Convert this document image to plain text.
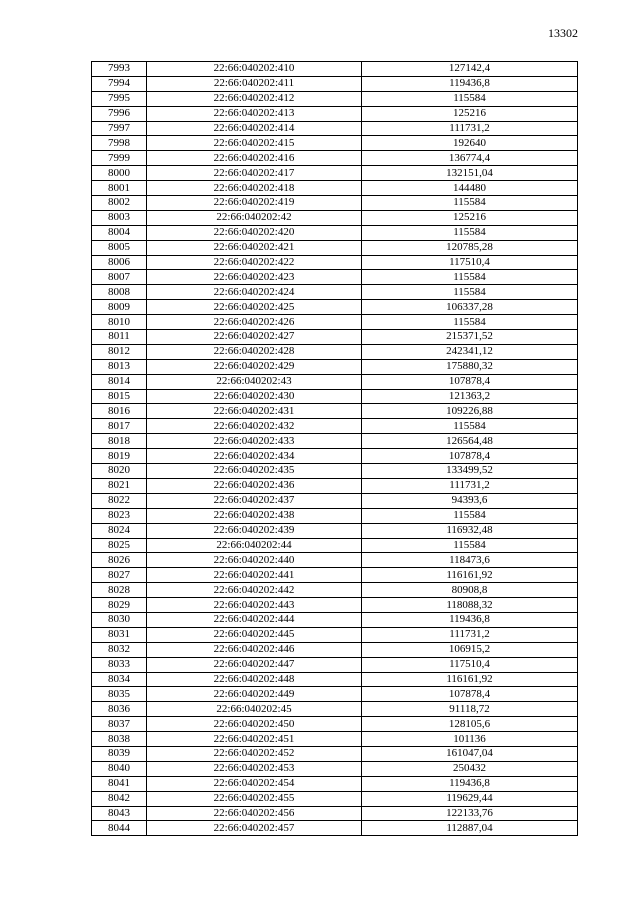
13302
7993	22:66:040202:410	127142,4
7994	22:66:040202:411	119436,8
7995	22:66:040202:412	115584
7996	22:66:040202:413	125216
7997	22:66:040202:414	111731,2
7998	22:66:040202:415	192640
7999	22:66:040202:416	136774,4
8000	22:66:040202:417	132151,04
8001	22:66:040202:418	144480
8002	22:66:040202:419	115584
8003	22:66:040202:42	125216
8004	22:66:040202:420	115584
8005	22:66:040202:421	120785,28
8006	22:66:040202:422	117510,4
8007	22:66:040202:423	115584
8008	22:66:040202:424	115584
8009	22:66:040202:425	106337,28
8010	22:66:040202:426	115584
8011	22:66:040202:427	215371,52
8012	22:66:040202:428	242341,12
8013	22:66:040202:429	175880,32
8014	22:66:040202:43	107878,4
8015	22:66:040202:430	121363,2
8016	22:66:040202:431	109226,88
8017	22:66:040202:432	115584
8018	22:66:040202:433	126564,48
8019	22:66:040202:434	107878,4
8020	22:66:040202:435	133499,52
8021	22:66:040202:436	111731,2
8022	22:66:040202:437	94393,6
8023	22:66:040202:438	115584
8024	22:66:040202:439	116932,48
8025	22:66:040202:44	115584
8026	22:66:040202:440	118473,6
8027	22:66:040202:441	116161,92
8028	22:66:040202:442	80908,8
8029	22:66:040202:443	118088,32
8030	22:66:040202:444	119436,8
8031	22:66:040202:445	111731,2
8032	22:66:040202:446	106915,2
8033	22:66:040202:447	117510,4
8034	22:66:040202:448	116161,92
8035	22:66:040202:449	107878,4
8036	22:66:040202:45	91118,72
8037	22:66:040202:450	128105,6
8038	22:66:040202:451	101136
8039	22:66:040202:452	161047,04
8040	22:66:040202:453	250432
8041	22:66:040202:454	119436,8
8042	22:66:040202:455	119629,44
8043	22:66:040202:456	122133,76
8044	22:66:040202:457	112887,04
